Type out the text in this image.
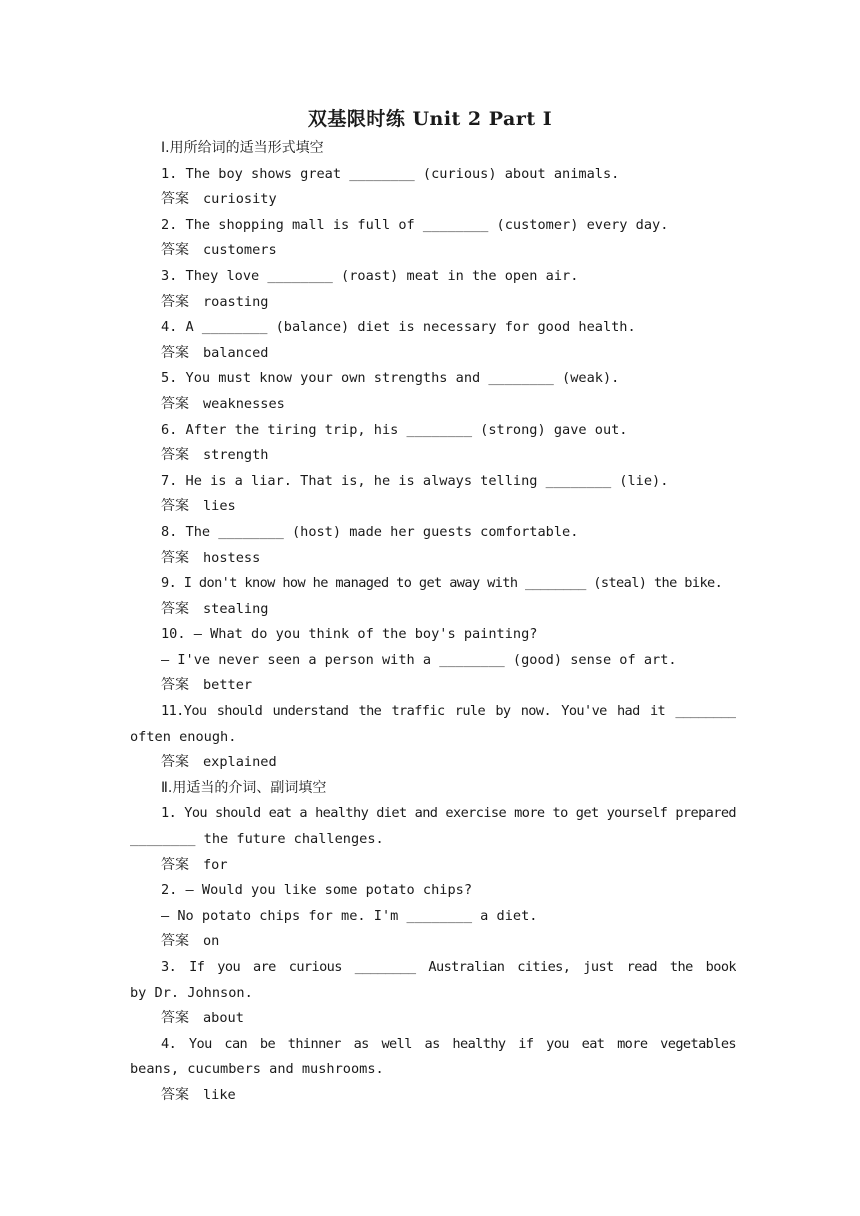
双基限时练 Unit 2 Part Ⅰ
Ⅰ.用所给词的适当形式填空
1. The boy shows great ________ (curious) about animals.
答案 curiosity
2. The shopping mall is full of ________ (customer) every day.
答案 customers
3. They love ________ (roast) meat in the open air.
答案 roasting
4. A ________ (balance) diet is necessary for good health.
答案 balanced
5. You must know your own strengths and ________ (weak).
答案 weaknesses
6. After the tiring trip, his ________ (strong) gave out.
答案 strength
7. He is a liar. That is, he is always telling ________ (lie).
答案 lies
8. The ________ (host) made her guests comfortable.
答案 hostess
9. I don't know how he managed to get away with ________ (steal) the bike.
答案 stealing
10. — What do you think of the boy's painting?
— I've never seen a person with a ________ (good) sense of art.
答案 better
11.You should understand the traffic rule by now. You've had it ________
often enough.
答案 explained
Ⅱ.用适当的介词、副词填空
1. You should eat a healthy diet and exercise more to get yourself prepared
________ the future challenges.
答案 for
2. — Would you like some potato chips?
— No potato chips for me. I'm ________ a diet.
答案 on
3. If you are curious ________ Australian cities, just read the book
by Dr. Johnson.
答案 about
4. You can be thinner as well as healthy if you eat more vegetables
beans, cucumbers and mushrooms.
答案 like
